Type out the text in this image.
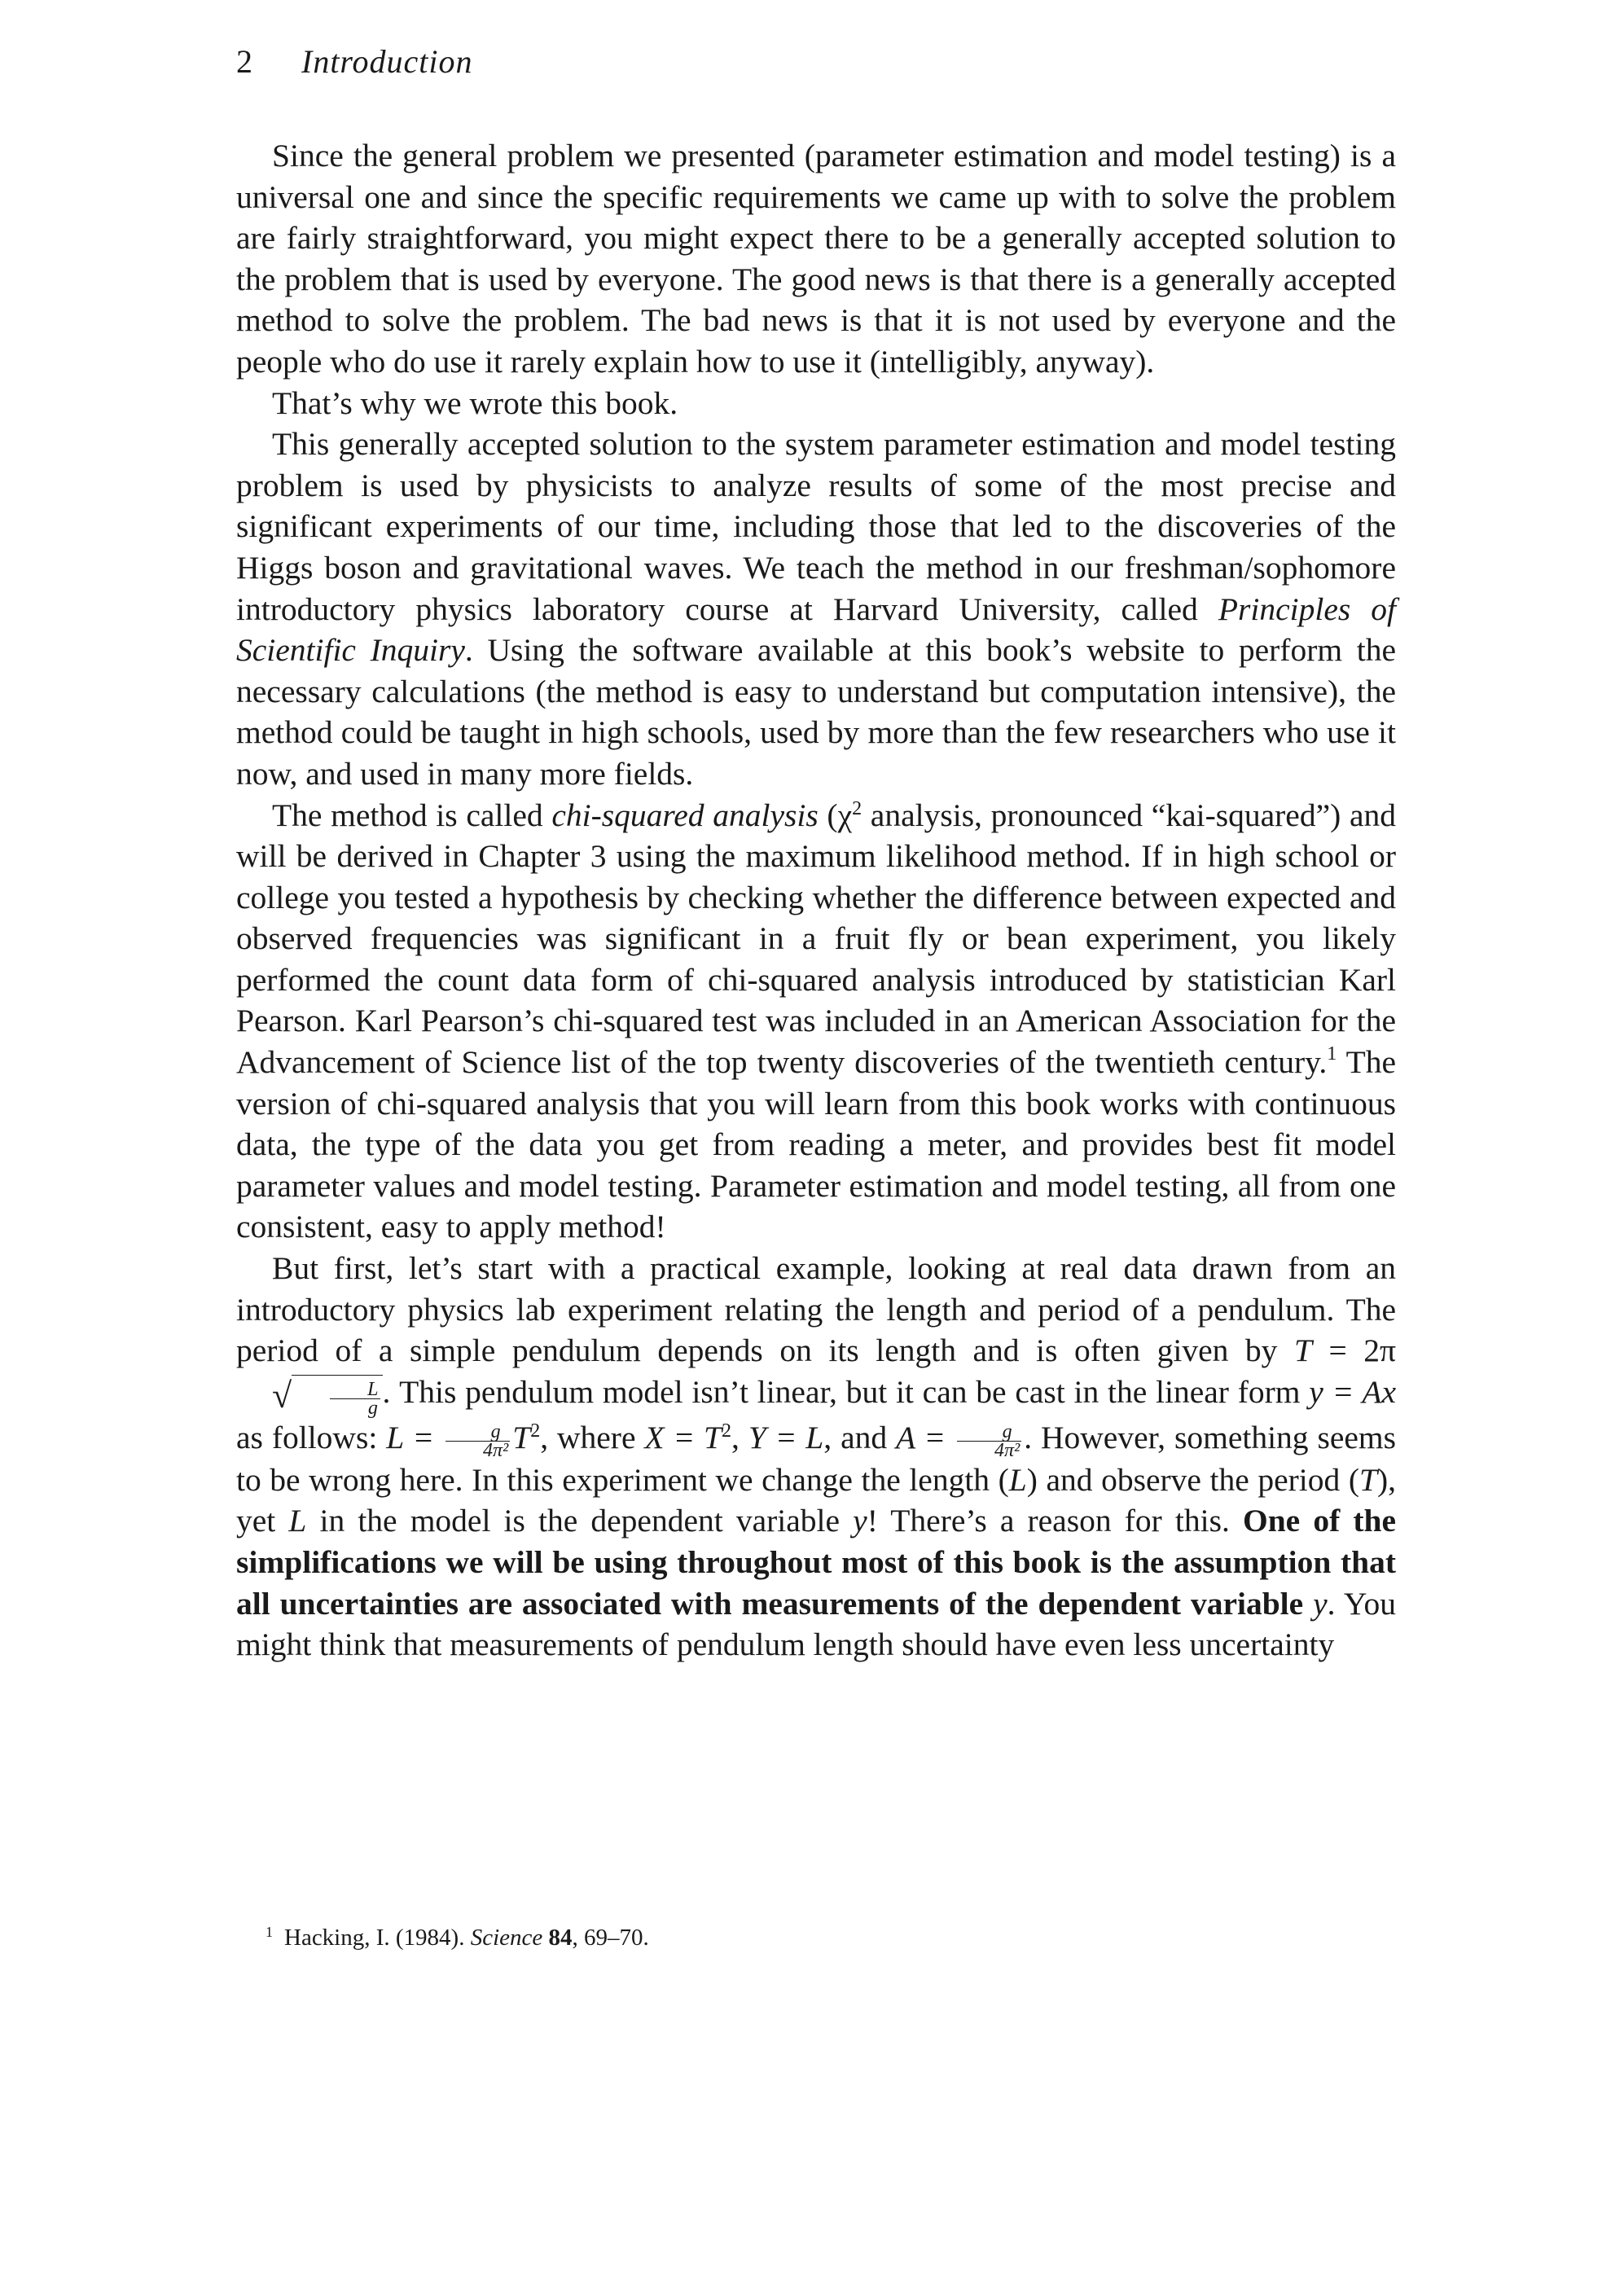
2 Introduction

Since the general problem we presented (parameter estimation and model testing) is a universal one and since the specific requirements we came up with to solve the problem are fairly straightforward, you might expect there to be a generally accepted solution to the problem that is used by everyone. The good news is that there is a generally accepted method to solve the problem. The bad news is that it is not used by everyone and the people who do use it rarely explain how to use it (intelligibly, anyway).

That’s why we wrote this book.

This generally accepted solution to the system parameter estimation and model testing problem is used by physicists to analyze results of some of the most precise and significant experiments of our time, including those that led to the discoveries of the Higgs boson and gravitational waves. We teach the method in our freshman/sophomore introductory physics laboratory course at Harvard University, called Principles of Scientific Inquiry. Using the software available at this book’s website to perform the necessary calculations (the method is easy to understand but computation intensive), the method could be taught in high schools, used by more than the few researchers who use it now, and used in many more fields.

The method is called chi-squared analysis ($\chi^2$ analysis, pronounced “kai-squared”) and will be derived in Chapter 3 using the maximum likelihood method. If in high school or college you tested a hypothesis by checking whether the difference between expected and observed frequencies was significant in a fruit fly or bean experiment, you likely performed the count data form of chi-squared analysis introduced by statistician Karl Pearson. Karl Pearson’s chi-squared test was included in an American Association for the Advancement of Science list of the top twenty discoveries of the twentieth century.$^1$ The version of chi-squared analysis that you will learn from this book works with continuous data, the type of the data you get from reading a meter, and provides best fit model parameter values and model testing. Parameter estimation and model testing, all from one consistent, easy to apply method!

But first, let’s start with a practical example, looking at real data drawn from an introductory physics lab experiment relating the length and period of a pendulum. The period of a simple pendulum depends on its length and is often given by $T = 2\pi√ \frac{L}{g}$ . This pendulum model isn’t linear, but it can be cast in the linear form y = Ax as follows: $L = \frac{g}{\text{4π²}} T^2$, where $X = T^2$, Y = L, and $A = \frac{g}{\text{4π²}}$ . However, something seems to be wrong here. In this experiment we change the length (L) and observe the period (T), yet L in the model is the dependent variable y! There’s a reason for this. One of the simplifications we will be using throughout most of this book is the assumption that all uncertainties are associated with measurements of the dependent variable y. You might think that measurements of pendulum length should have even less uncertainty

$^1$ Hacking, I. (1984). Science 84, 69–70.
